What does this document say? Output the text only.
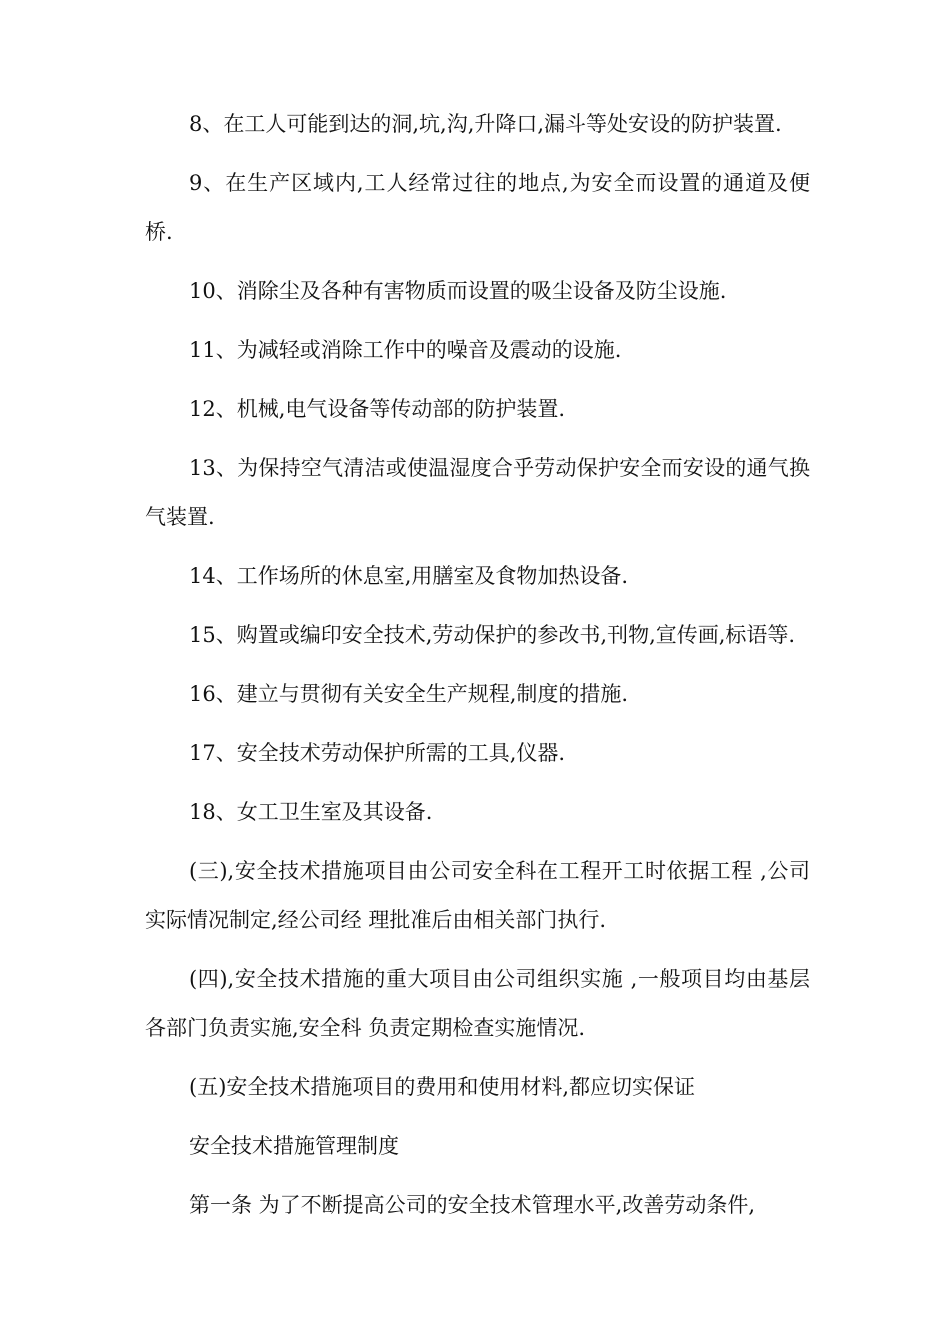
8、在工人可能到达的洞,坑,沟,升降口,漏斗等处安设的防护装置.

9、在生产区域内,工人经常过往的地点,为安全而设置的通道及便桥.

10、消除尘及各种有害物质而设置的吸尘设备及防尘设施.

11、为减轻或消除工作中的噪音及震动的设施.

12、机械,电气设备等传动部的防护装置.

13、为保持空气清洁或使温湿度合乎劳动保护安全而安设的通气换气装置.

14、工作场所的休息室,用膳室及食物加热设备.

15、购置或编印安全技术,劳动保护的参改书,刊物,宣传画,标语等.

16、建立与贯彻有关安全生产规程,制度的措施.

17、安全技术劳动保护所需的工具,仪器.

18、女工卫生室及其设备.

(三),安全技术措施项目由公司安全科在工程开工时依据工程 ,公司实际情况制定,经公司经 理批准后由相关部门执行.

(四),安全技术措施的重大项目由公司组织实施 ,一般项目均由基层各部门负责实施,安全科 负责定期检查实施情况.

(五)安全技术措施项目的费用和使用材料,都应切实保证

安全技术措施管理制度

第一条 为了不断提高公司的安全技术管理水平,改善劳动条件,
